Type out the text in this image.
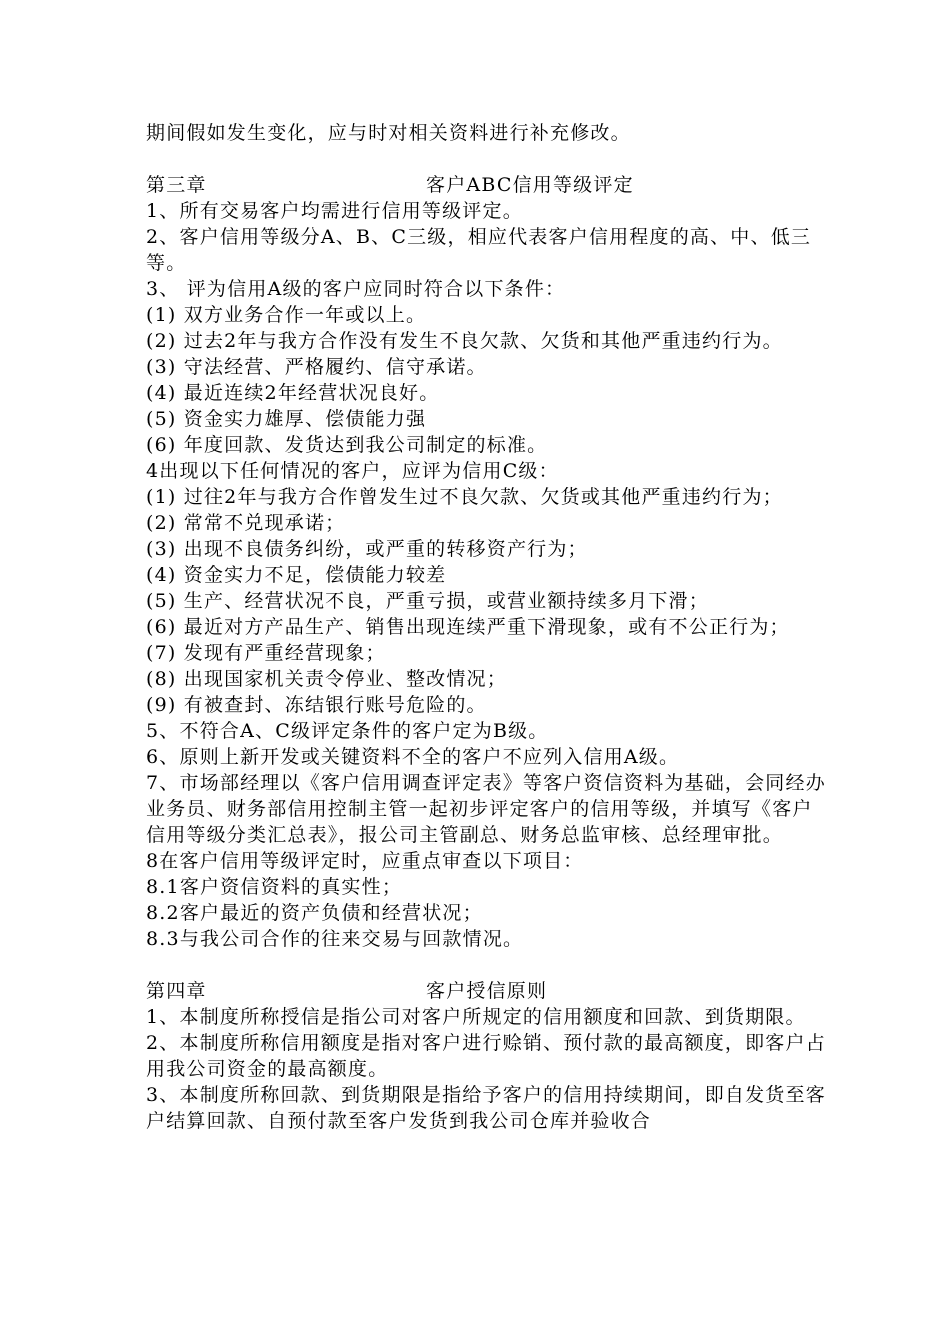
期间假如发生变化，应与时对相关资料进行补充修改。

第三章	客户ABC信用等级评定

1、所有交易客户均需进行信用等级评定。

2、客户信用等级分A、B、C三级，相应代表客户信用程度的高、中、低三等。

3、 评为信用A级的客户应同时符合以下条件：

(1) 双方业务合作一年或以上。

(2) 过去2年与我方合作没有发生不良欠款、欠货和其他严重违约行为。

(3) 守法经营、严格履约、信守承诺。

(4) 最近连续2年经营状况良好。

(5) 资金实力雄厚、偿债能力强

(6) 年度回款、发货达到我公司制定的标准。

4出现以下任何情况的客户，应评为信用C级：

(1) 过往2年与我方合作曾发生过不良欠款、欠货或其他严重违约行为；

(2) 常常不兑现承诺；

(3) 出现不良债务纠纷，或严重的转移资产行为；

(4) 资金实力不足，偿债能力较差

(5) 生产、经营状况不良，严重亏损，或营业额持续多月下滑；

(6) 最近对方产品生产、销售出现连续严重下滑现象，或有不公正行为；

(7) 发现有严重经营现象；

(8) 出现国家机关责令停业、整改情况；

(9) 有被查封、冻结银行账号危险的。

5、不符合A、C级评定条件的客户定为B级。

6、原则上新开发或关键资料不全的客户不应列入信用A级。

7、市场部经理以《客户信用调查评定表》等客户资信资料为基础，会同经办业务员、财务部信用控制主管一起初步评定客户的信用等级，并填写《客户信用等级分类汇总表》，报公司主管副总、财务总监审核、总经理审批。

8在客户信用等级评定时，应重点审查以下项目：

8.1客户资信资料的真实性；

8.2客户最近的资产负债和经营状况；

8.3与我公司合作的往来交易与回款情况。

第四章	客户授信原则

1、本制度所称授信是指公司对客户所规定的信用额度和回款、到货期限。

2、本制度所称信用额度是指对客户进行赊销、预付款的最高额度，即客户占用我公司资金的最高额度。

3、本制度所称回款、到货期限是指给予客户的信用持续期间，即自发货至客户结算回款、自预付款至客户发货到我公司仓库并验收合
